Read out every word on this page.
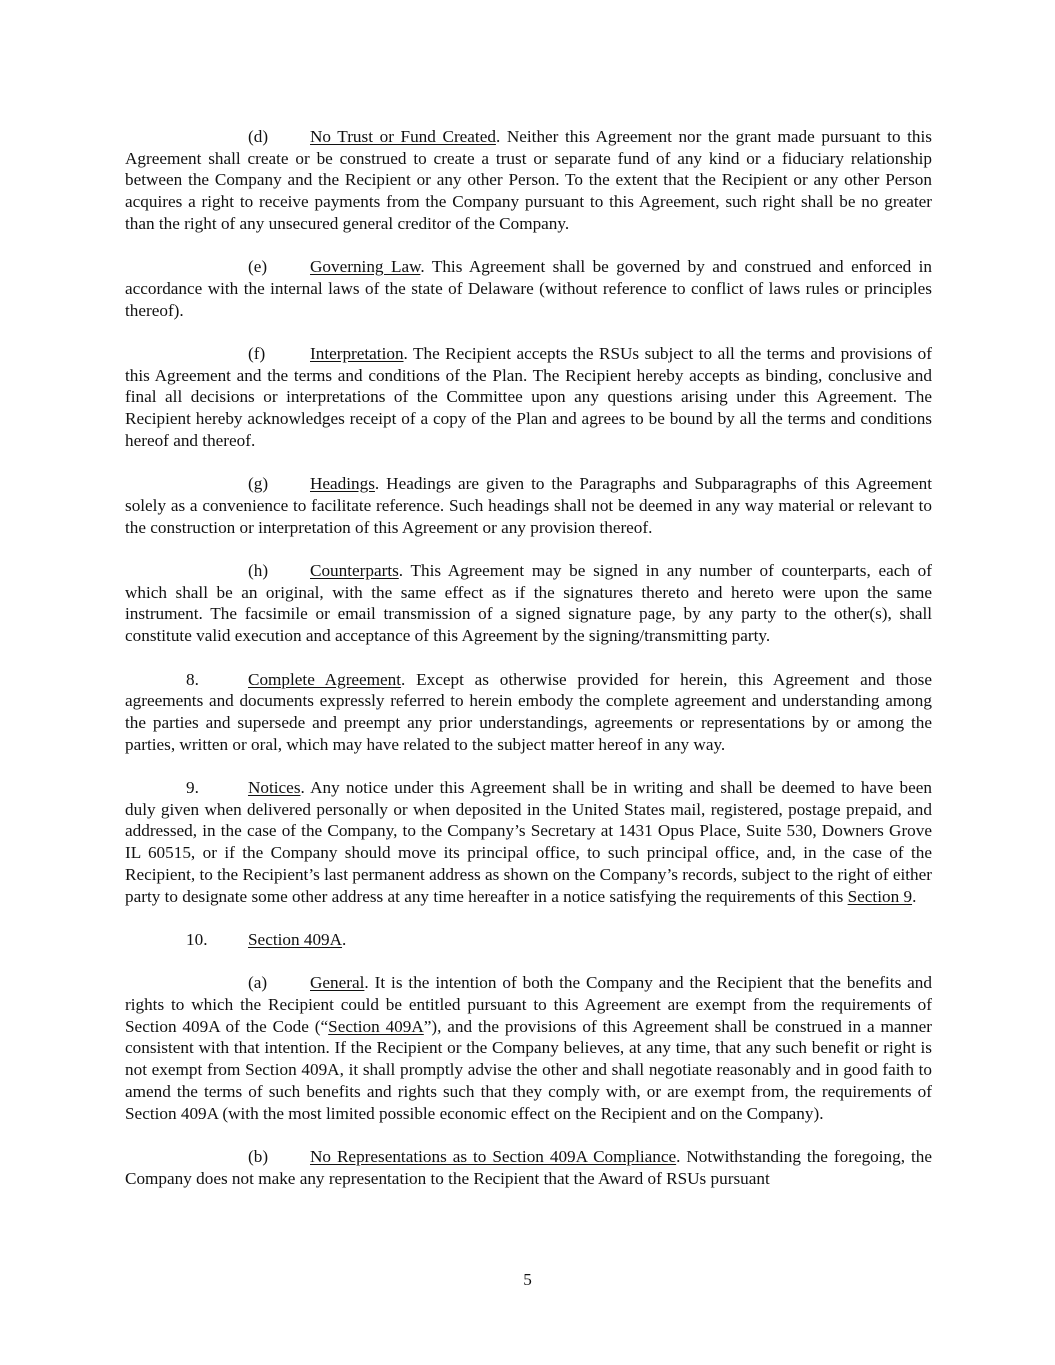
(d) No Trust or Fund Created. Neither this Agreement nor the grant made pursuant to this Agreement shall create or be construed to create a trust or separate fund of any kind or a fiduciary relationship between the Company and the Recipient or any other Person. To the extent that the Recipient or any other Person acquires a right to receive payments from the Company pursuant to this Agreement, such right shall be no greater than the right of any unsecured general creditor of the Company.

(e) Governing Law. This Agreement shall be governed by and construed and enforced in accordance with the internal laws of the state of Delaware (without reference to conflict of laws rules or principles thereof).

(f)	Interpretation. The Recipient accepts the RSUs subject to all the terms and provisions of this Agreement and the terms and conditions of the Plan. The Recipient hereby accepts as binding, conclusive and final all decisions or interpretations of the Committee upon any questions arising under this Agreement. The Recipient hereby acknowledges receipt of a copy of the Plan and agrees to be bound by all the terms and conditions hereof and thereof.

(g) Headings. Headings are given to the Paragraphs and Subparagraphs of this Agreement solely as a convenience to facilitate reference. Such headings shall not be deemed in any way material or relevant to the construction or interpretation of this Agreement or any provision thereof.

(h) Counterparts. This Agreement may be signed in any number of counterparts, each of which shall be an original, with the same effect as if the signatures thereto and hereto were upon the same instrument. The facsimile or email transmission of a signed signature page, by any party to the other(s), shall constitute valid execution and acceptance of this Agreement by the signing/transmitting party.

8.	Complete Agreement. Except as otherwise provided for herein, this Agreement and those agreements and documents expressly referred to herein embody the complete agreement and understanding among the parties and supersede and preempt any prior understandings, agreements or representations by or among the parties, written or oral, which may have related to the subject matter hereof in any way.

9.	Notices. Any notice under this Agreement shall be in writing and shall be deemed to have been duly given when delivered personally or when deposited in the United States mail, registered, postage prepaid, and addressed, in the case of the Company, to the Company’s Secretary at 1431 Opus Place, Suite 530, Downers Grove IL 60515, or if the Company should move its principal office, to such principal office, and, in the case of the Recipient, to the Recipient’s last permanent address as shown on the Company’s records, subject to the right of either party to designate some other address at any time hereafter in a notice satisfying the requirements of this Section 9.

10. Section 409A.

(a) General. It is the intention of both the Company and the Recipient that the benefits and rights to which the Recipient could be entitled pursuant to this Agreement are exempt from the requirements of Section 409A of the Code (“Section 409A”), and the provisions of this Agreement shall be construed in a manner consistent with that intention. If the Recipient or the Company believes, at any time, that any such benefit or right is not exempt from Section 409A, it shall promptly advise the other and shall negotiate reasonably and in good faith to amend the terms of such benefits and rights such that they comply with, or are exempt from, the requirements of Section 409A (with the most limited possible economic effect on the Recipient and on the Company).

(b) No Representations as to Section 409A Compliance. Notwithstanding the foregoing, the Company does not make any representation to the Recipient that the Award of RSUs pursuant

5
